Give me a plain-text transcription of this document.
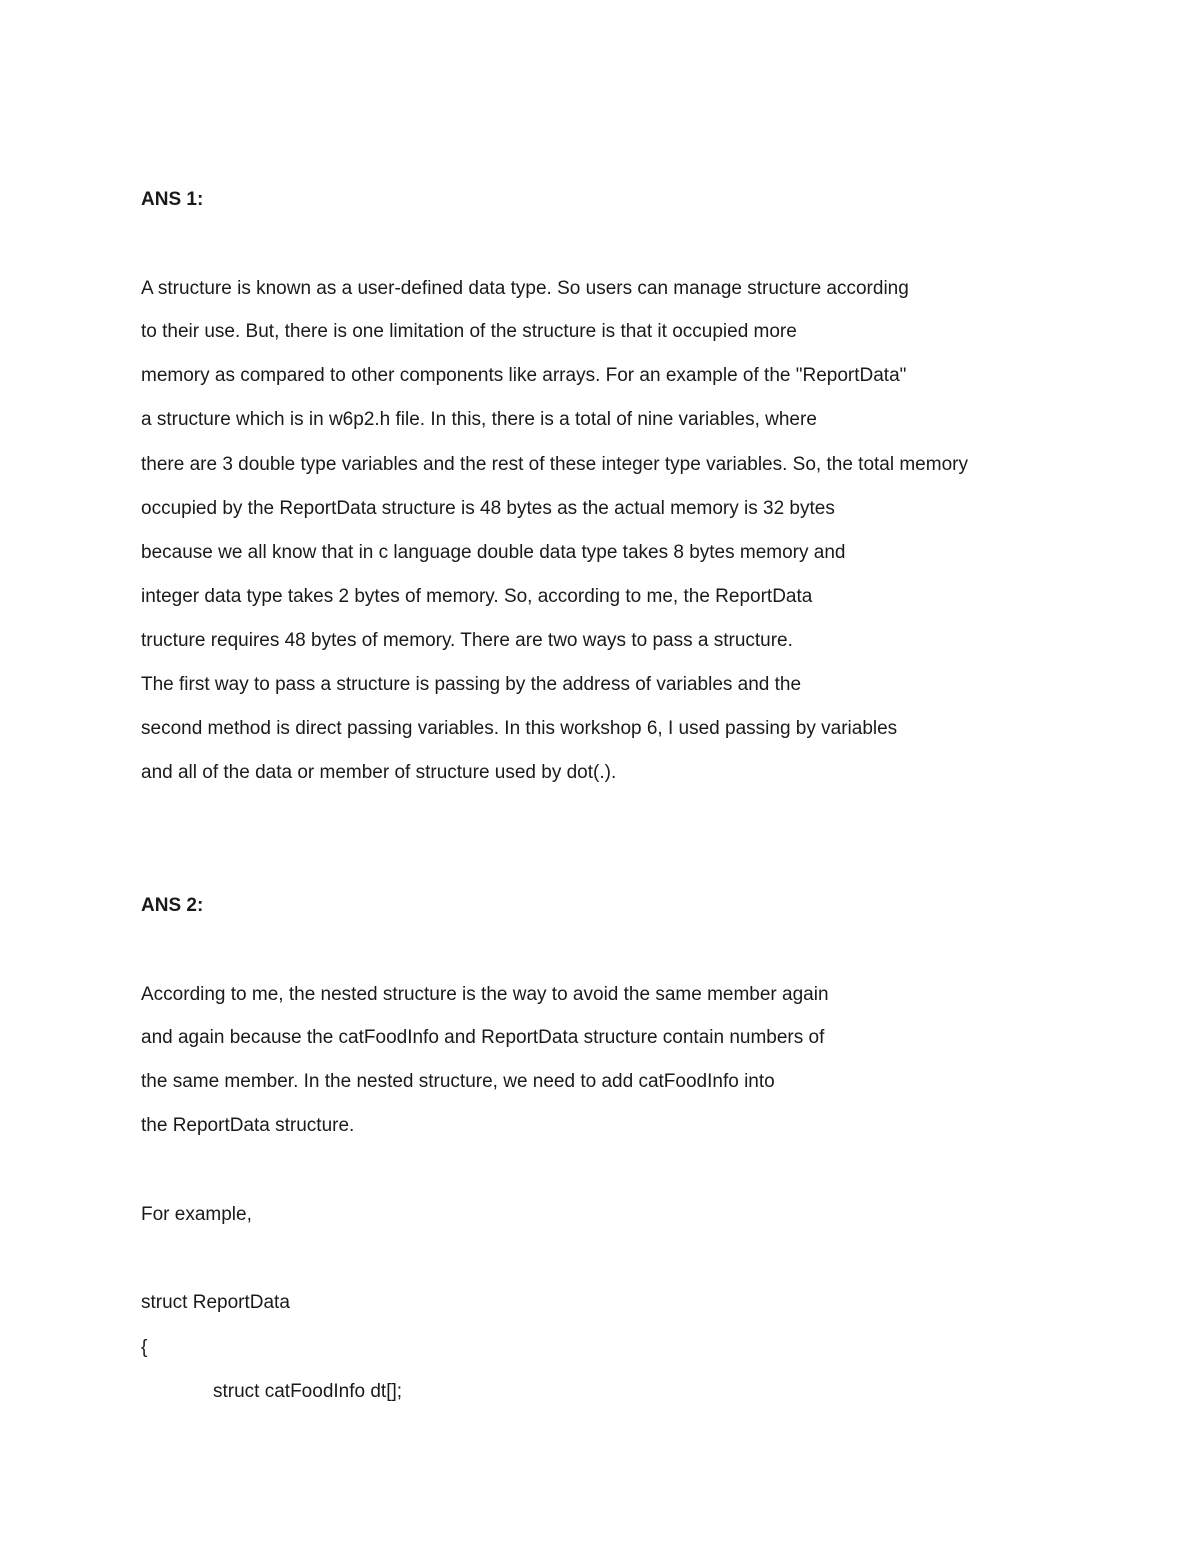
ANS 1:
A structure is known as a user-defined data type. So users can manage structure according
to their use. But, there is one limitation of the structure is that it occupied more
memory as compared to other components like arrays. For an example of the "ReportData"
a structure which is in w6p2.h file. In this, there is a total of nine variables, where
there are 3 double type variables and the rest of these integer type variables. So, the total memory
occupied by the ReportData structure is 48 bytes as the actual memory is 32 bytes
because we all know that in c language double data type takes 8 bytes memory and
integer data type takes 2 bytes of memory. So, according to me, the ReportData
tructure requires 48 bytes of memory. There are two ways to pass a structure.
The first way to pass a structure is passing by the address of variables and the
second method is direct passing variables. In this workshop 6, I used passing by variables
and all of the data or member of structure used by dot(.).
ANS 2:
According to me, the nested structure is the way to avoid the same member again
and again because the catFoodInfo and ReportData structure contain numbers of
the same member. In the nested structure, we need to add catFoodInfo into
the ReportData structure.
For example,
struct ReportData
{
struct catFoodInfo dt[];
